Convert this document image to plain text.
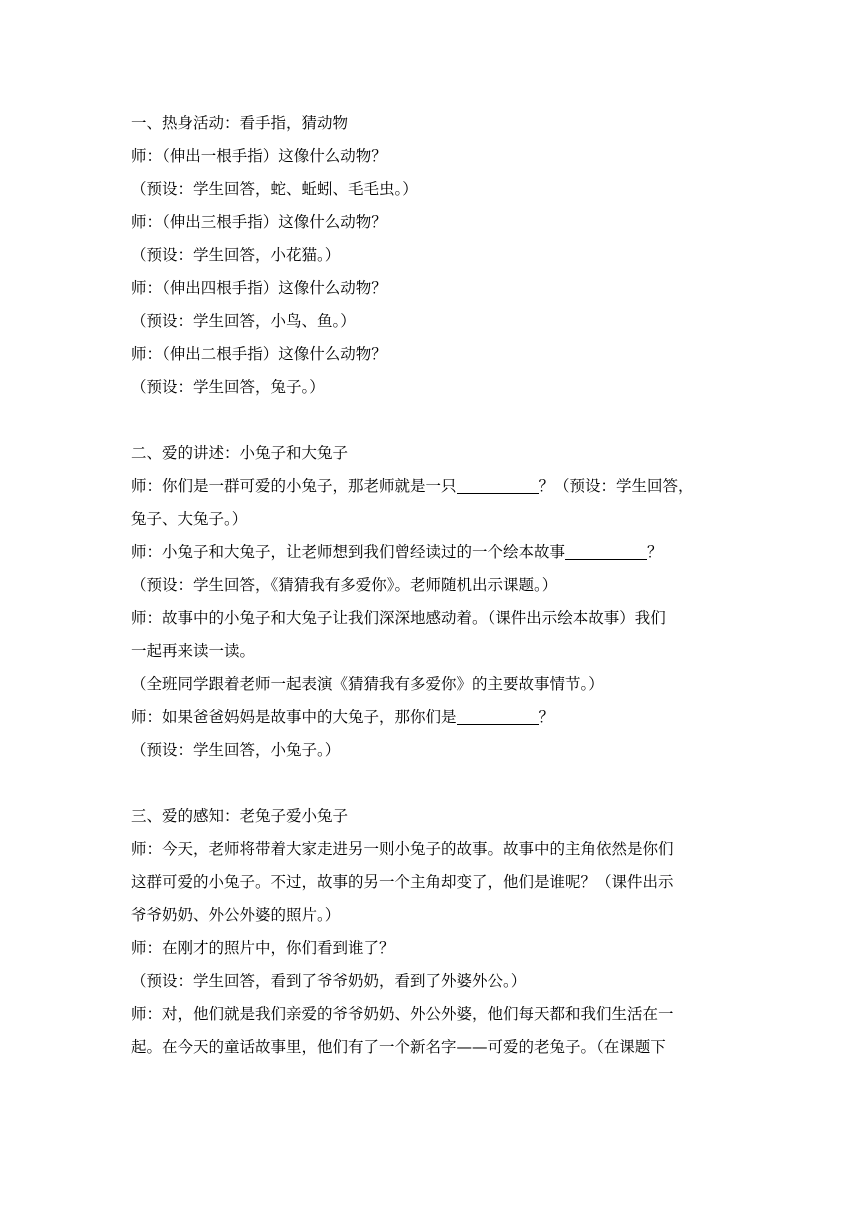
一、热身活动：看手指，猜动物
师：（伸出一根手指）这像什么动物？
（预设：学生回答，蛇、蚯蚓、毛毛虫。）
师：（伸出三根手指）这像什么动物？
（预设：学生回答，小花猫。）
师：（伸出四根手指）这像什么动物？
（预设：学生回答，小鸟、鱼。）
师：（伸出二根手指）这像什么动物？
（预设：学生回答，兔子。）
二、爱的讲述：小兔子和大兔子
师：你们是一群可爱的小兔子，那老师就是一只	？（预设：学生回答，
兔子、大兔子。）
师：小兔子和大兔子，让老师想到我们曾经读过的一个绘本故事	？
（预设：学生回答，《猜猜我有多爱你》。老师随机出示课题。）
师：故事中的小兔子和大兔子让我们深深地感动着。（课件出示绘本故事）我们
一起再来读一读。
（全班同学跟着老师一起表演《猜猜我有多爱你》的主要故事情节。）
师：如果爸爸妈妈是故事中的大兔子，那你们是	？
（预设：学生回答，小兔子。）
三、爱的感知：老兔子爱小兔子
师：今天，老师将带着大家走进另一则小兔子的故事。故事中的主角依然是你们
这群可爱的小兔子。不过，故事的另一个主角却变了，他们是谁呢？（课件出示
爷爷奶奶、外公外婆的照片。）
师：在刚才的照片中，你们看到谁了？
（预设：学生回答，看到了爷爷奶奶，看到了外婆外公。）
师：对，他们就是我们亲爱的爷爷奶奶、外公外婆，他们每天都和我们生活在一
起。在今天的童话故事里，他们有了一个新名字——可爱的老兔子。（在课题下
